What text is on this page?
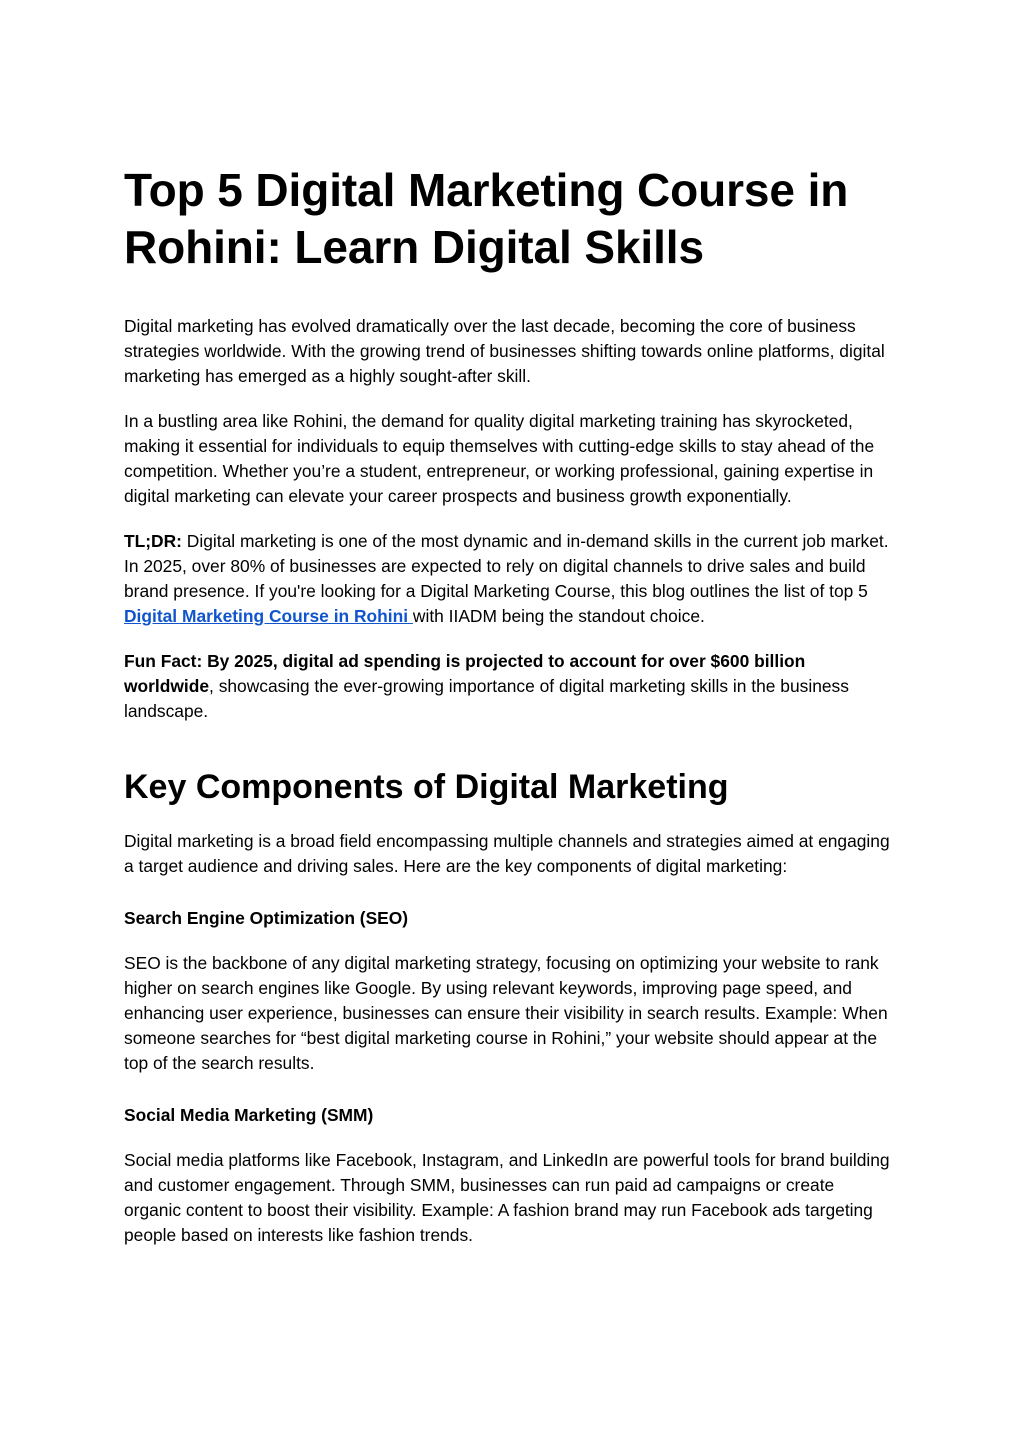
Top 5 Digital Marketing Course in Rohini: Learn Digital Skills

Digital marketing has evolved dramatically over the last decade, becoming the core of business strategies worldwide. With the growing trend of businesses shifting towards online platforms, digital marketing has emerged as a highly sought-after skill.

In a bustling area like Rohini, the demand for quality digital marketing training has skyrocketed, making it essential for individuals to equip themselves with cutting-edge skills to stay ahead of the competition. Whether you’re a student, entrepreneur, or working professional, gaining expertise in digital marketing can elevate your career prospects and business growth exponentially.

TL;DR: Digital marketing is one of the most dynamic and in-demand skills in the current job market. In 2025, over 80% of businesses are expected to rely on digital channels to drive sales and build brand presence. If you're looking for a Digital Marketing Course, this blog outlines the list of top 5 Digital Marketing Course in Rohini with IIADM being the standout choice.

Fun Fact: By 2025, digital ad spending is projected to account for over $600 billion worldwide, showcasing the ever-growing importance of digital marketing skills in the business landscape.

Key Components of Digital Marketing

Digital marketing is a broad field encompassing multiple channels and strategies aimed at engaging a target audience and driving sales. Here are the key components of digital marketing:

Search Engine Optimization (SEO)

SEO is the backbone of any digital marketing strategy, focusing on optimizing your website to rank higher on search engines like Google. By using relevant keywords, improving page speed, and enhancing user experience, businesses can ensure their visibility in search results. Example: When someone searches for “best digital marketing course in Rohini,” your website should appear at the top of the search results.

Social Media Marketing (SMM)

Social media platforms like Facebook, Instagram, and LinkedIn are powerful tools for brand building and customer engagement. Through SMM, businesses can run paid ad campaigns or create organic content to boost their visibility. Example: A fashion brand may run Facebook ads targeting people based on interests like fashion trends.
